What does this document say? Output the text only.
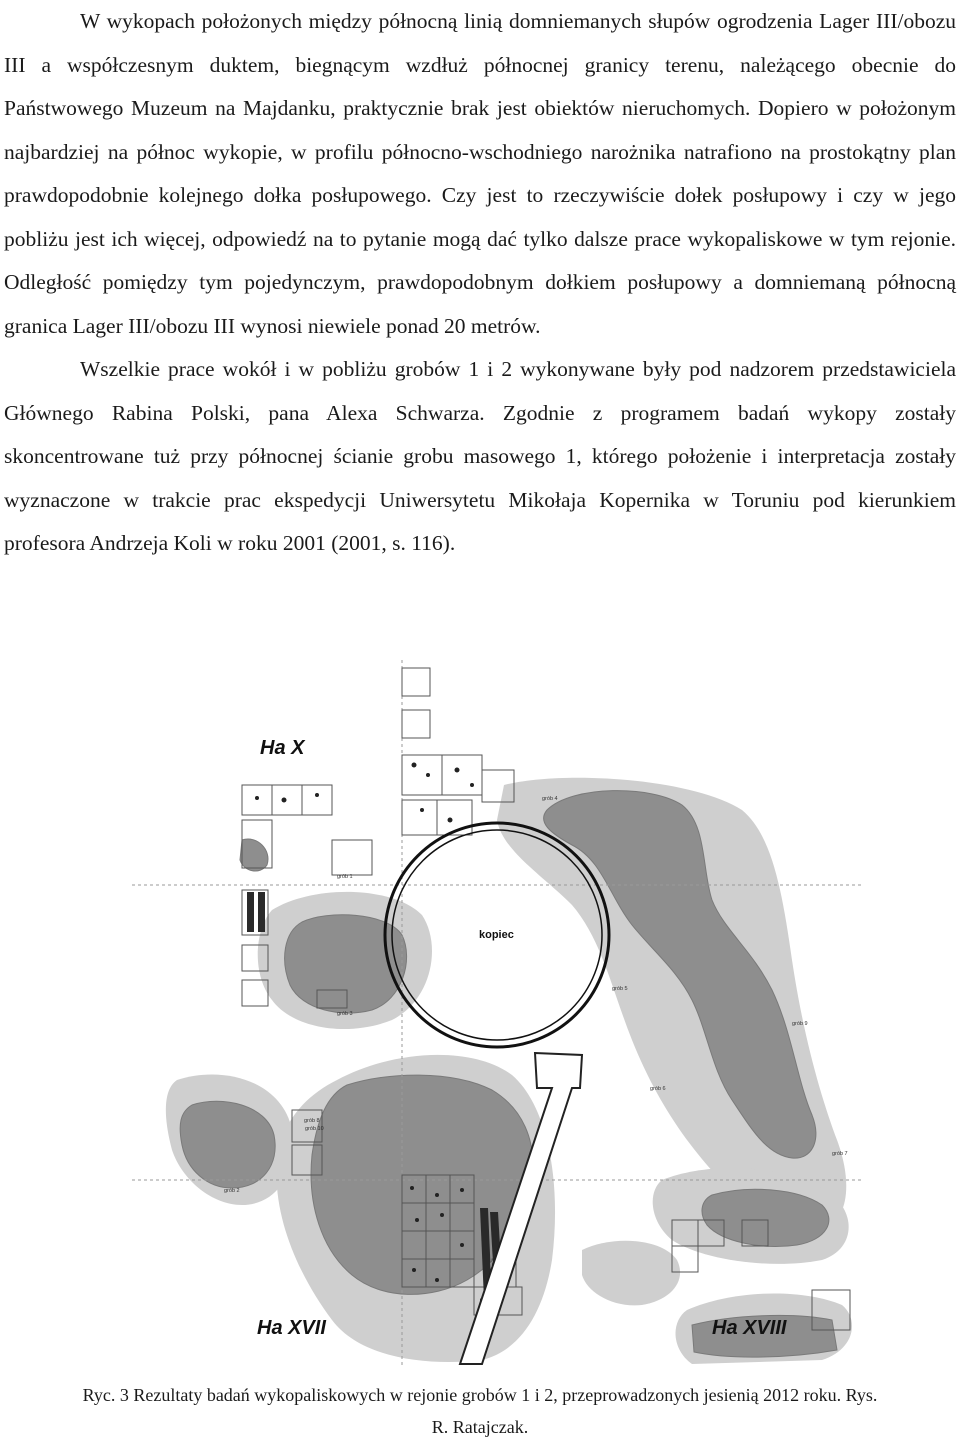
W wykopach położonych między północną linią domniemanych słupów ogrodzenia Lager III/obozu III a współczesnym duktem, biegnącym wzdłuż północnej granicy terenu, należącego obecnie do Państwowego Muzeum na Majdanku, praktycznie brak jest obiektów nieruchomych. Dopiero w położonym najbardziej na północ wykopie, w profilu północno-wschodniego narożnika natrafiono na prostokątny plan prawdopodobnie kolejnego dołka posłupowego. Czy jest to rzeczywiście dołek posłupowy i czy w jego pobliżu jest ich więcej, odpowiedź na to pytanie mogą dać tylko dalsze prace wykopaliskowe w tym rejonie. Odległość pomiędzy tym pojedynczym, prawdopodobnym dołkiem posłupowy a domniemaną północną granica Lager III/obozu III wynosi niewiele ponad 20 metrów.

Wszelkie prace wokół i w pobliżu grobów 1 i 2 wykonywane były pod nadzorem przedstawiciela Głównego Rabina Polski, pana Alexa Schwarza. Zgodnie z programem badań wykopy zostały skoncentrowane tuż przy północnej ścianie grobu masowego 1, którego położenie i interpretacja zostały wyznaczone w trakcie prac ekspedycji Uniwersytetu Mikołaja Kopernika w Toruniu pod kierunkiem profesora Andrzeja Koli w roku 2001 (2001, s. 116).

Ha X
Ha XVII	Ha XVIII
kopiec
grób 1
grób 2
grób 3
grób 4
grób 5
grób 6
grób 7
grób 8
grób 9
grób 10
Ryc. 3 Rezultaty badań wykopaliskowych w rejonie grobów 1 i 2, przeprowadzonych jesienią 2012 roku. Rys.
R. Ratajczak.
